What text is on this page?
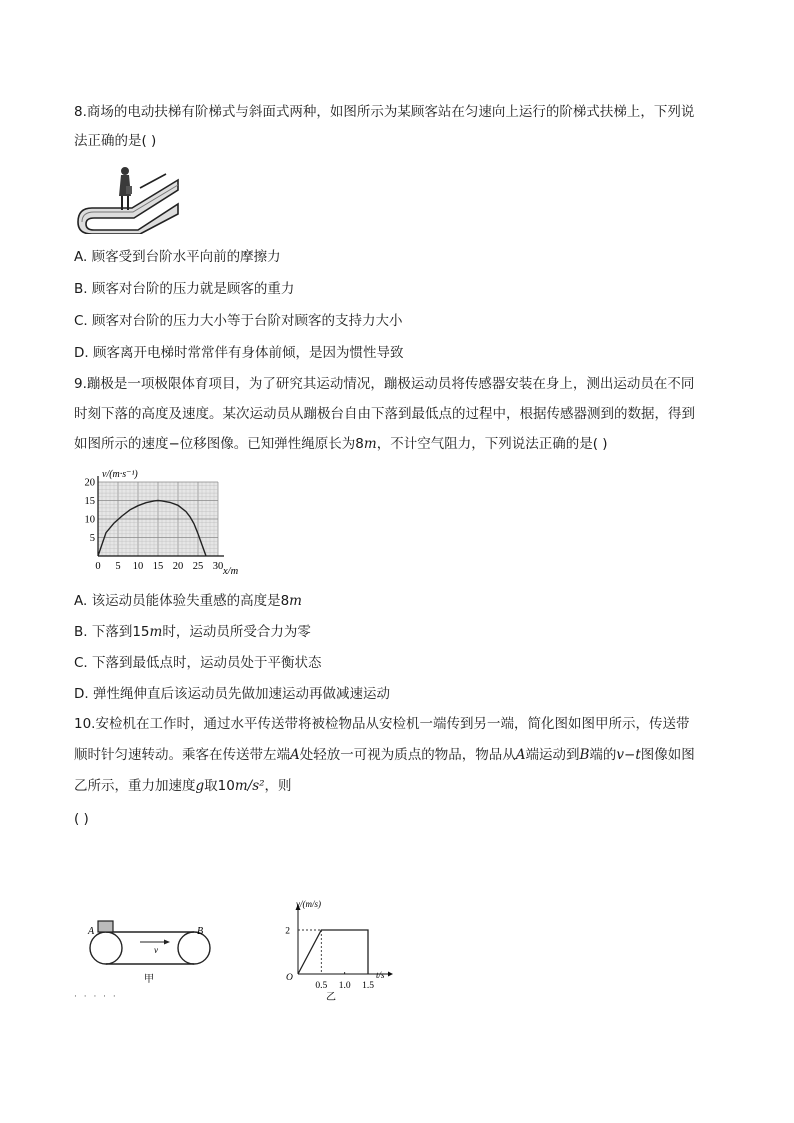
8.商场的电动扶梯有阶梯式与斜面式两种，如图所示为某顾客站在匀速向上运行的阶梯式扶梯上，下列说
法正确的是( )
A. 顾客受到台阶水平向前的摩擦力
B. 顾客对台阶的压力就是顾客的重力
C. 顾客对台阶的压力大小等于台阶对顾客的支持力大小
D. 顾客离开电梯时常常伴有身体前倾，是因为惯性导致
9.蹦极是一项极限体育项目，为了研究其运动情况，蹦极运动员将传感器安装在身上，测出运动员在不同
时刻下落的高度及速度。某次运动员从蹦极台自由下落到最低点的过程中，根据传感器测到的数据，得到
如图所示的速度−位移图像。已知弹性绳原长为8m，不计空气阻力，下列说法正确的是( )
0 5 10 15 20 25 30
5
10
15
20
v/(m·s⁻¹)
x/m
A. 该运动员能体验失重感的高度是8m
B. 下落到15m时，运动员所受合力为零
C. 下落到最低点时，运动员处于平衡状态
D. 弹性绳伸直后该运动员先做加速运动再做减速运动
10.安检机在工作时，通过水平传送带将被检物品从安检机一端传到另一端，简化图如图甲所示，传送带
顺时针匀速转动。乘客在传送带左端A处轻放一可视为质点的物品，物品从A端运动到B端的v−t图像如图
乙所示，重力加速度g取10m/s²，则
( )
A	B
v
甲
0.5 1.0 1.5
2
v/(m/s)
t/s
O
乙
· · · · ·
